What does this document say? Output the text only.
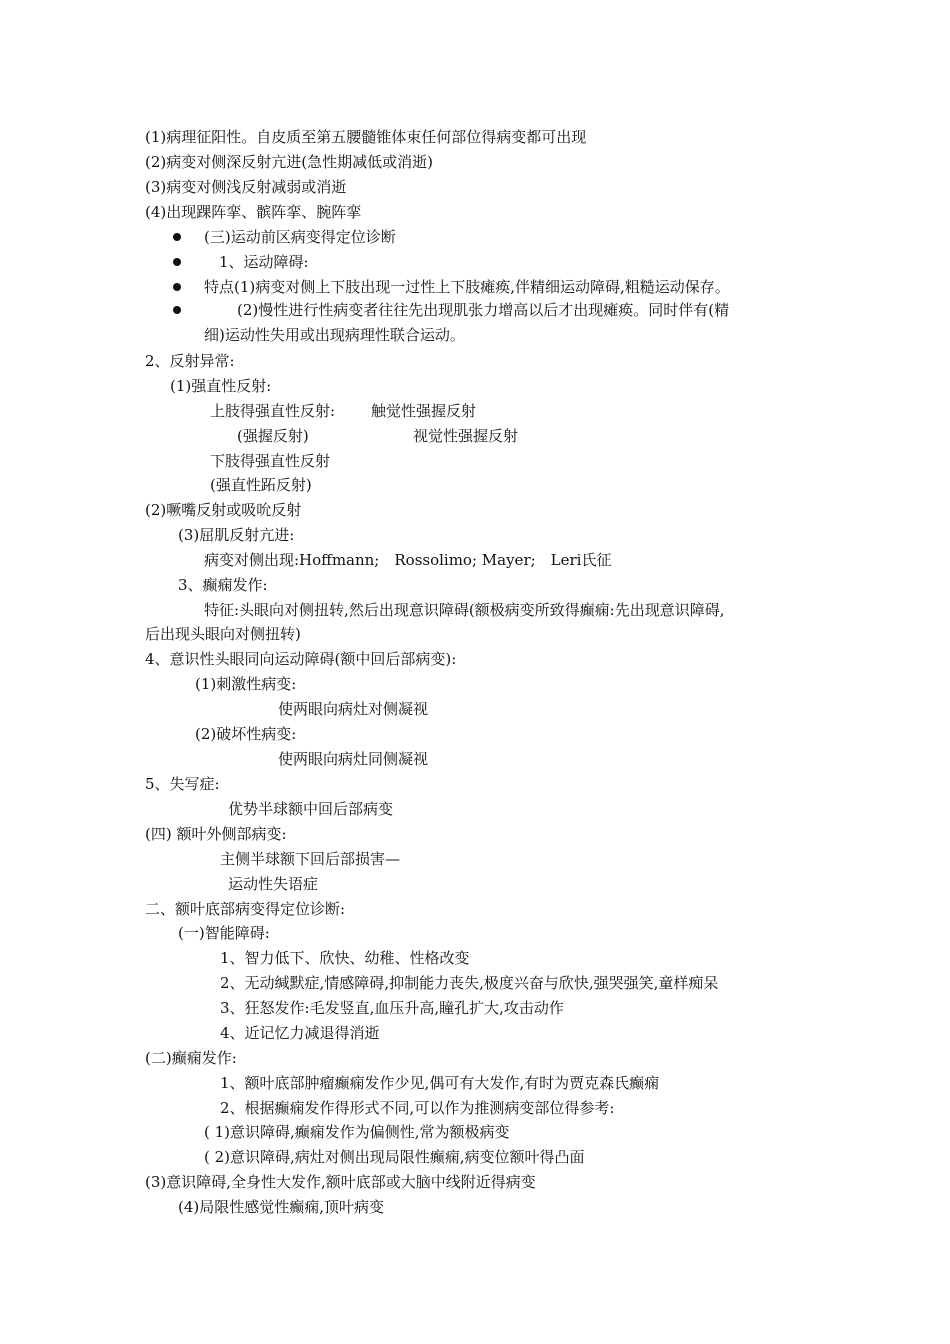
(1)病理征阳性。自皮质至第五腰髓锥体束任何部位得病变都可出现
(2)病变对侧深反射亢进(急性期减低或消逝)
(3)病变对侧浅反射减弱或消逝
(4)出现踝阵挛、髌阵挛、腕阵挛
(三)运动前区病变得定位诊断
1、运动障碍:
特点(1)病变对侧上下肢出现一过性上下肢瘫痪,伴精细运动障碍,粗糙运动保存。
(2)慢性进行性病变者往往先出现肌张力增高以后才出现瘫痪。同时伴有(精
细)运动性失用或出现病理性联合运动。
2、反射异常:
(1)强直性反射:
上肢得强直性反射: 触觉性强握反射
(强握反射)	视觉性强握反射
下肢得强直性反射
(强直性跖反射)
(2)噘嘴反射或吸吮反射
(3)屈肌反射亢进:
病变对侧出现:Hoffmann;　Rossolimo; Mayer;　Leri氏征
3、癫痫发作:
特征:头眼向对侧扭转,然后出现意识障碍(额极病变所致得癫痫:先出现意识障碍,
后出现头眼向对侧扭转)
4、意识性头眼同向运动障碍(额中回后部病变):
(1)刺激性病变:
使两眼向病灶对侧凝视
(2)破坏性病变:
使两眼向病灶同侧凝视
5、失写症:
优势半球额中回后部病变
(四) 额叶外侧部病变:
主侧半球额下回后部损害—
运动性失语症
二、额叶底部病变得定位诊断:
(一)智能障碍:
1、智力低下、欣快、幼稚、性格改变
2、无动缄默症,情感障碍,抑制能力丧失,极度兴奋与欣快,强哭强笑,童样痴呆
3、狂怒发作:毛发竖直,血压升高,瞳孔扩大,攻击动作
4、近记忆力减退得消逝
(二)癫痫发作:
1、额叶底部肿瘤癫痫发作少见,偶可有大发作,有时为贾克森氏癫痫
2、根据癫痫发作得形式不同,可以作为推测病变部位得参考:
( 1)意识障碍,癫痫发作为偏侧性,常为额极病变
( 2)意识障碍,病灶对侧出现局限性癫痫,病变位额叶得凸面
(3)意识障碍,全身性大发作,额叶底部或大脑中线附近得病变
(4)局限性感觉性癫痫,顶叶病变
